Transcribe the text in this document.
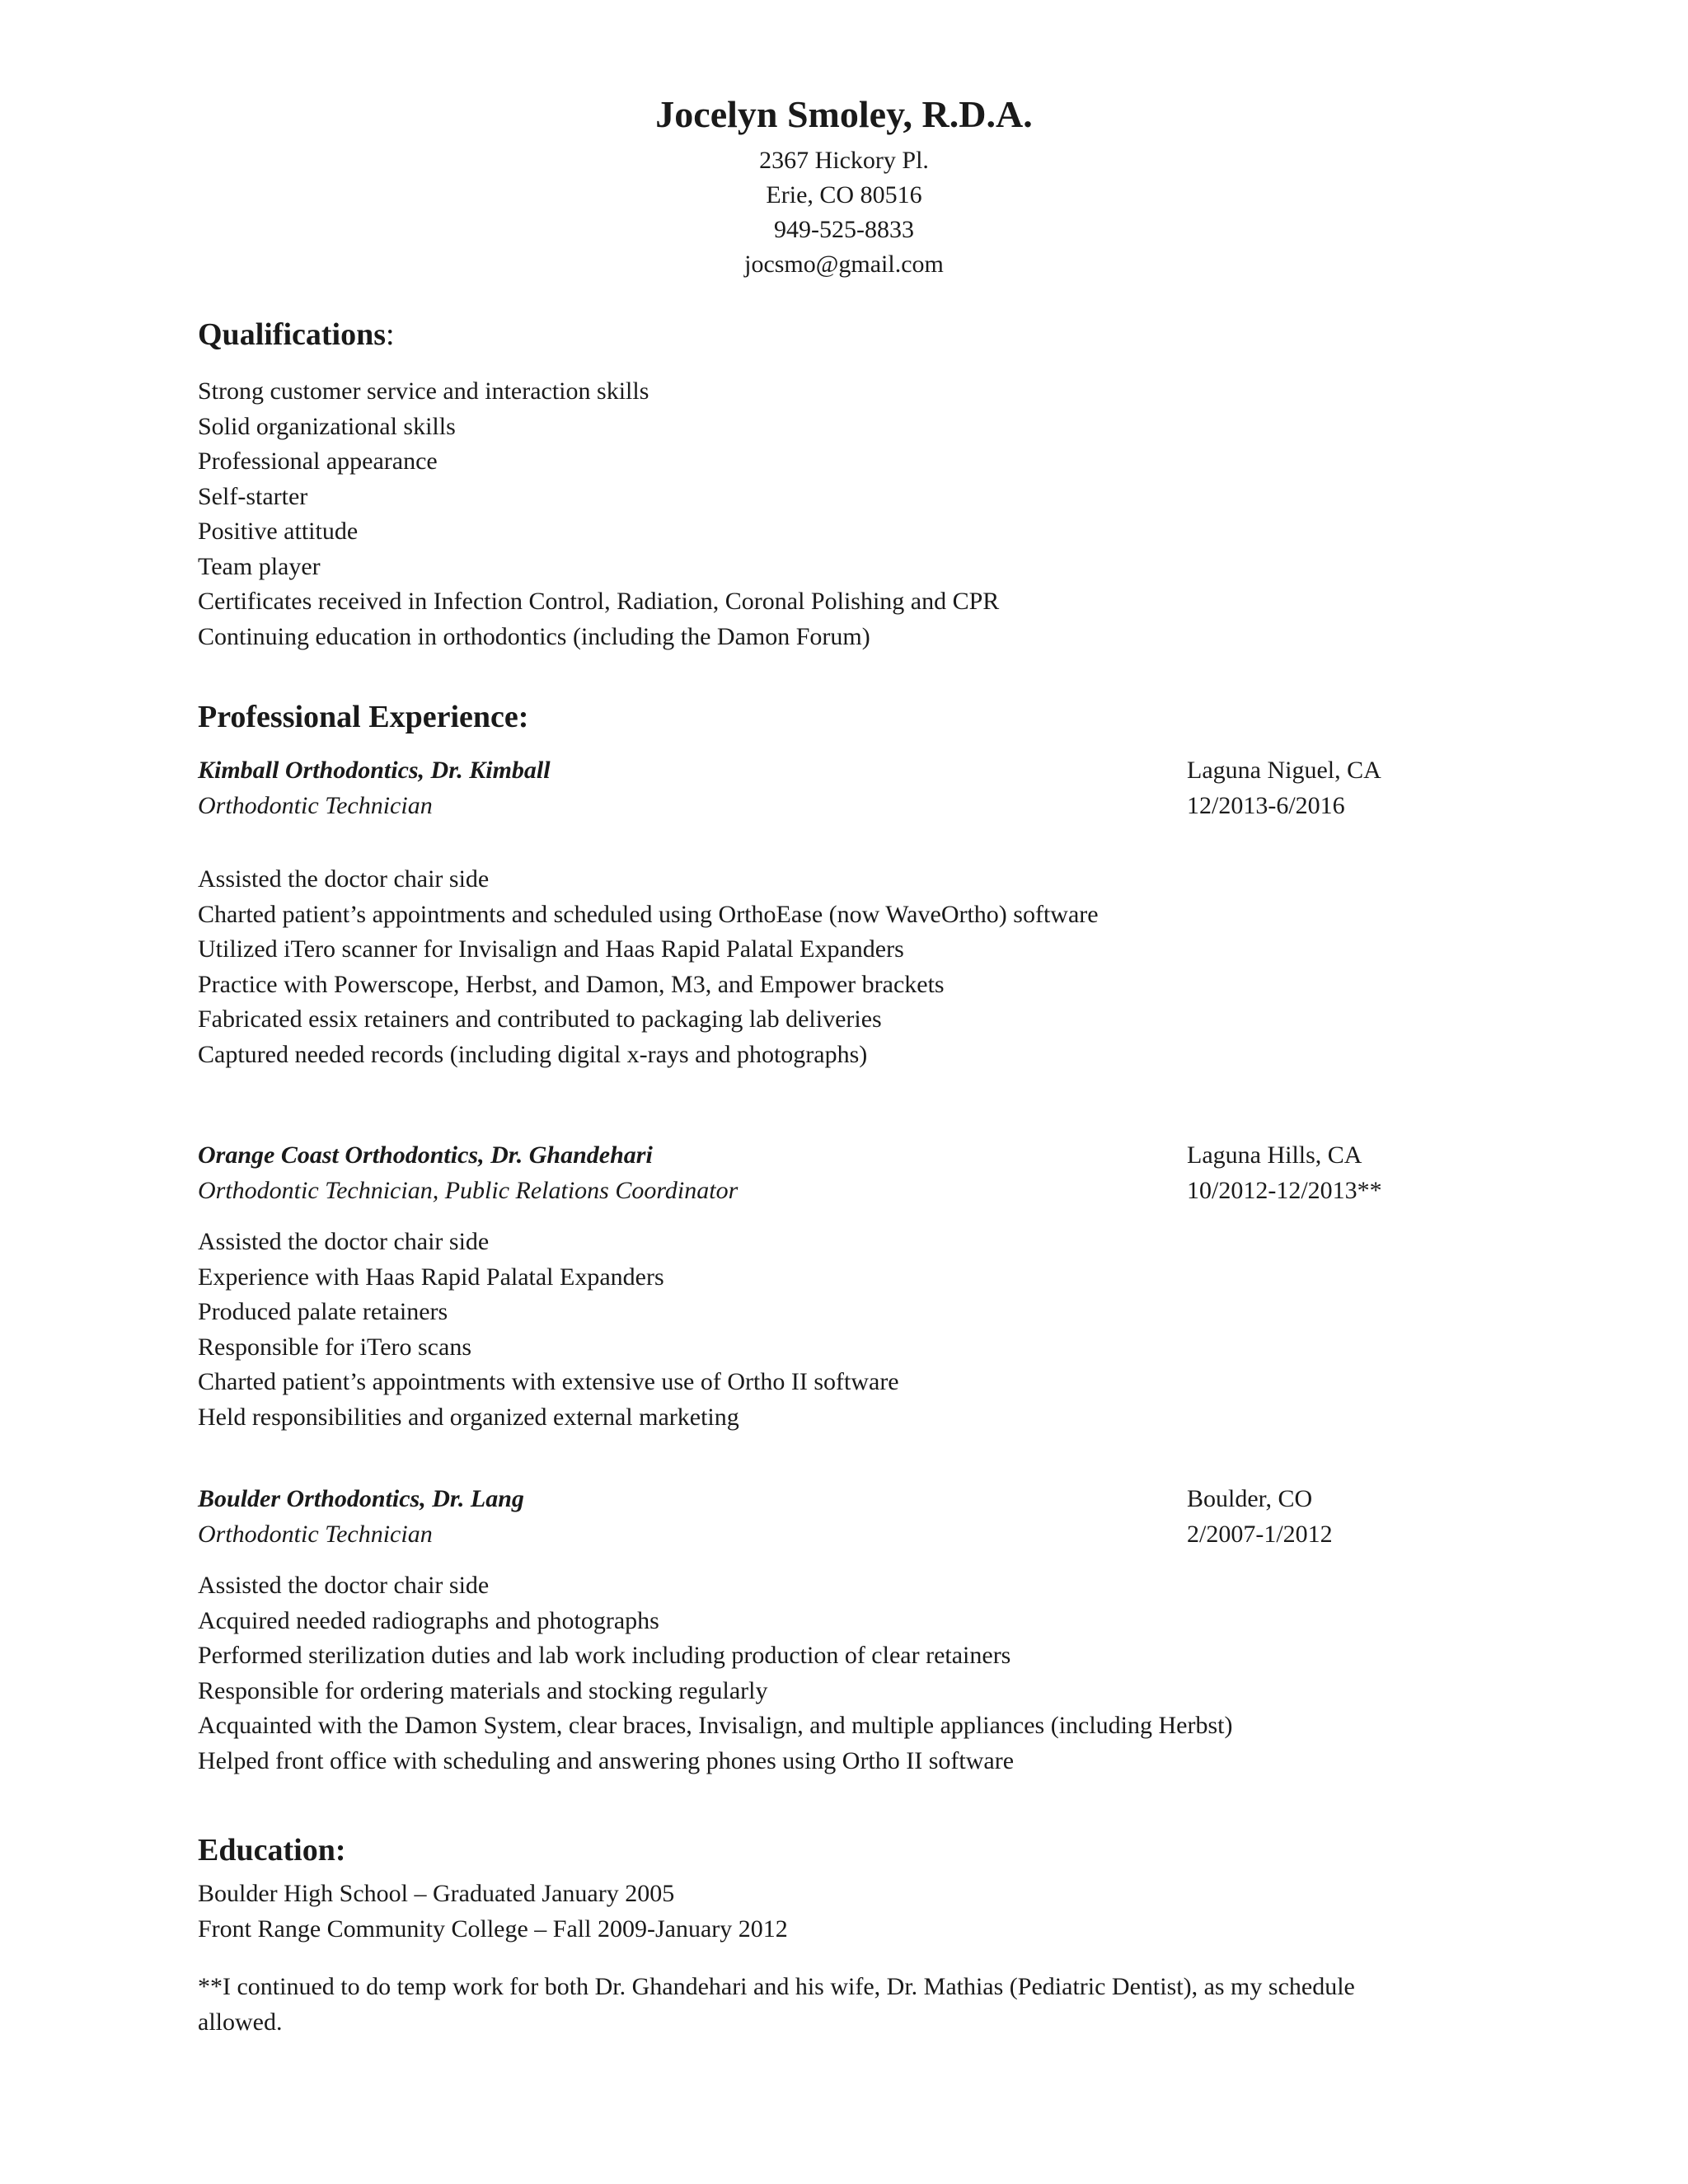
Jocelyn Smoley, R.D.A.
2367 Hickory Pl.
Erie, CO 80516
949-525-8833
jocsmo@gmail.com
Qualifications:
Strong customer service and interaction skills
Solid organizational skills
Professional appearance
Self-starter
Positive attitude
Team player
Certificates received in Infection Control, Radiation, Coronal Polishing and CPR
Continuing education in orthodontics (including the Damon Forum)
Professional Experience:
Kimball Orthodontics, Dr. Kimball	Laguna Niguel, CA
Orthodontic Technician	12/2013-6/2016
Assisted the doctor chair side
Charted patient’s appointments and scheduled using OrthoEase (now WaveOrtho) software
Utilized iTero scanner for Invisalign and Haas Rapid Palatal Expanders
Practice with Powerscope, Herbst, and Damon, M3, and Empower brackets
Fabricated essix retainers and contributed to packaging lab deliveries
Captured needed records (including digital x-rays and photographs)
Orange Coast Orthodontics, Dr. Ghandehari	Laguna Hills, CA
Orthodontic Technician, Public Relations Coordinator	10/2012-12/2013**
Assisted the doctor chair side
Experience with Haas Rapid Palatal Expanders
Produced palate retainers
Responsible for iTero scans
Charted patient’s appointments with extensive use of Ortho II software
Held responsibilities and organized external marketing
Boulder Orthodontics, Dr. Lang	Boulder, CO
Orthodontic Technician	2/2007-1/2012
Assisted the doctor chair side
Acquired needed radiographs and photographs
Performed sterilization duties and lab work including production of clear retainers
Responsible for ordering materials and stocking regularly
Acquainted with the Damon System, clear braces, Invisalign, and multiple appliances (including Herbst)
Helped front office with scheduling and answering phones using Ortho II software
Education:
Boulder High School – Graduated January 2005
Front Range Community College – Fall 2009-January 2012
**I continued to do temp work for both Dr. Ghandehari and his wife, Dr. Mathias (Pediatric Dentist), as my schedule allowed.
